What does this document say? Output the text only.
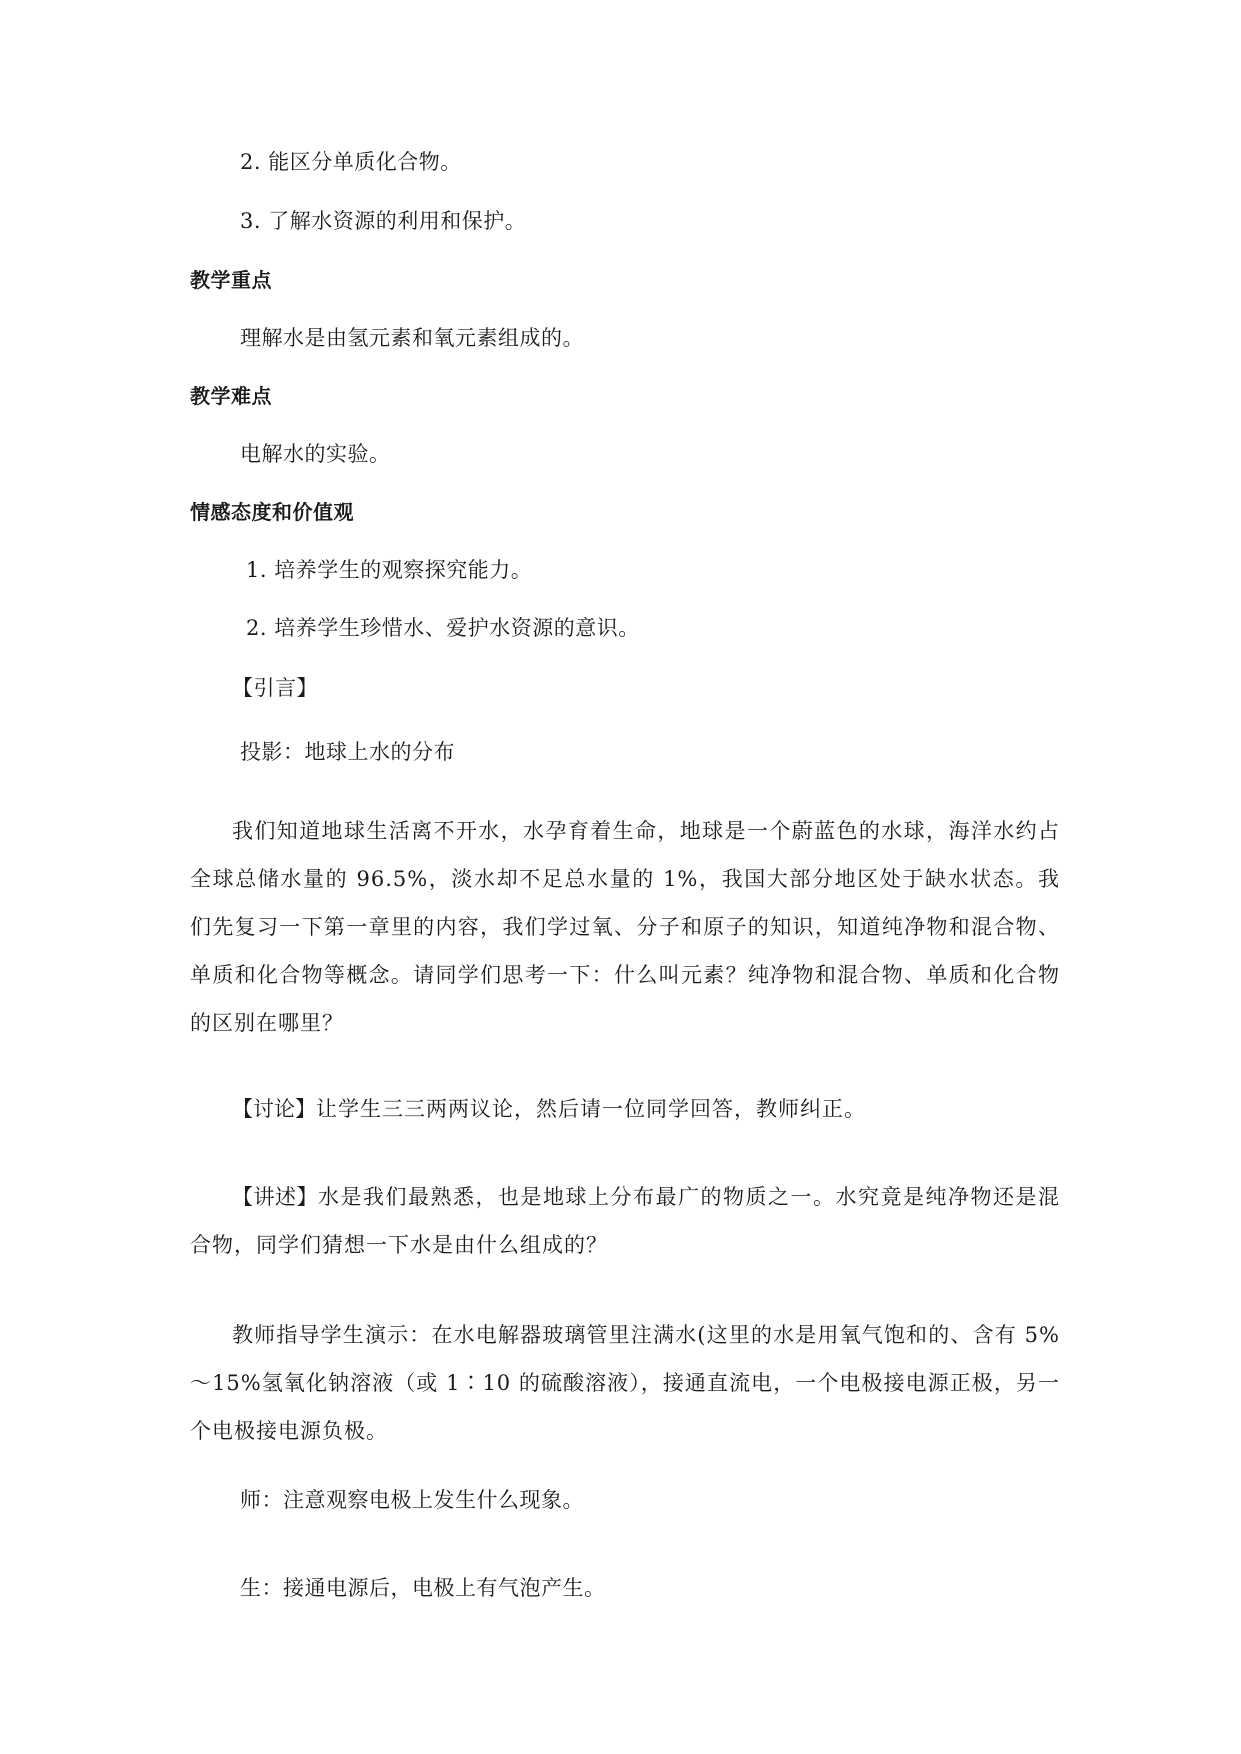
2. 能区分单质化合物。
3. 了解水资源的利用和保护。
教学重点
理解水是由氢元素和氧元素组成的。
教学难点
电解水的实验。
情感态度和价值观
1. 培养学生的观察探究能力。
2. 培养学生珍惜水、爱护水资源的意识。
【引言】
投影：地球上水的分布
我们知道地球生活离不开水，水孕育着生命，地球是一个蔚蓝色的水球，海洋水约占全球总储水量的 96.5%，淡水却不足总水量的 1%，我国大部分地区处于缺水状态。我们先复习一下第一章里的内容，我们学过氧、分子和原子的知识，知道纯净物和混合物、单质和化合物等概念。请同学们思考一下：什么叫元素？纯净物和混合物、单质和化合物的区别在哪里？
【讨论】让学生三三两两议论，然后请一位同学回答，教师纠正。
【讲述】水是我们最熟悉，也是地球上分布最广的物质之一。水究竟是纯净物还是混合物，同学们猜想一下水是由什么组成的？
教师指导学生演示：在水电解器玻璃管里注满水(这里的水是用氧气饱和的、含有 5%～15%氢氧化钠溶液（或 1∶10 的硫酸溶液），接通直流电，一个电极接电源正极，另一个电极接电源负极。
师：注意观察电极上发生什么现象。
生：接通电源后，电极上有气泡产生。
